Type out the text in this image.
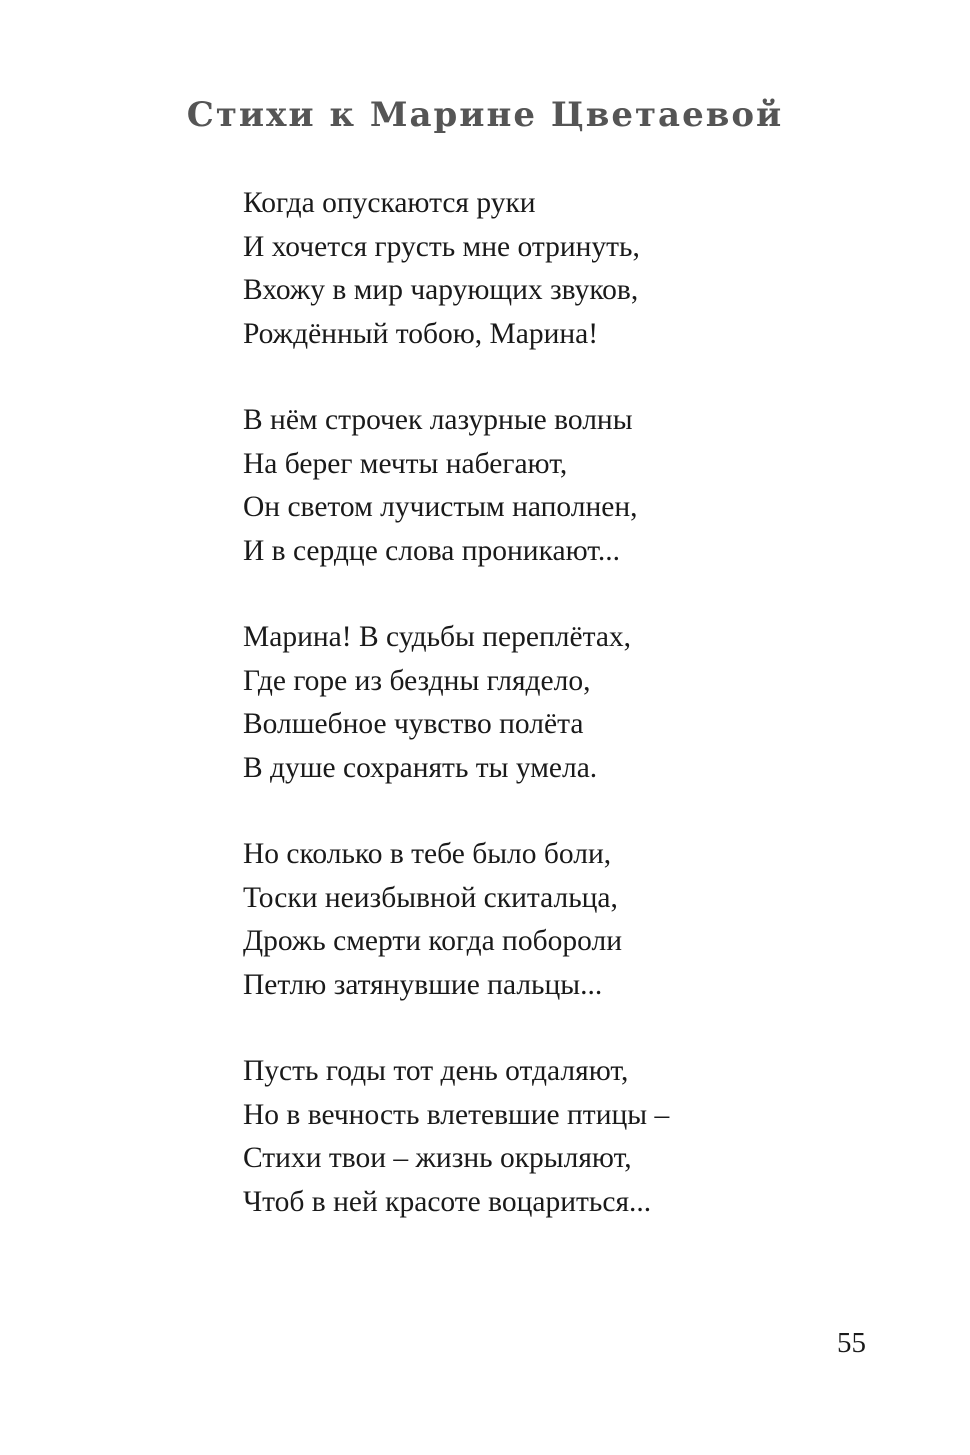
Стихи к Марине Цветаевой
Когда опускаются руки
И хочется грусть мне отринуть,
Вхожу в мир чарующих звуков,
Рождённый тобою, Марина!
В нём строчек лазурные волны
На берег мечты набегают,
Он светом лучистым наполнен,
И в сердце слова проникают...
Марина! В судьбы переплётах,
Где горе из бездны глядело,
Волшебное чувство полёта
В душе сохранять ты умела.
Но сколько в тебе было боли,
Тоски неизбывной скитальца,
Дрожь смерти когда побороли
Петлю затянувшие пальцы...
Пусть годы тот день отдаляют,
Но в вечность влетевшие птицы –
Стихи твои – жизнь окрыляют,
Чтоб в ней красоте воцариться...
55
